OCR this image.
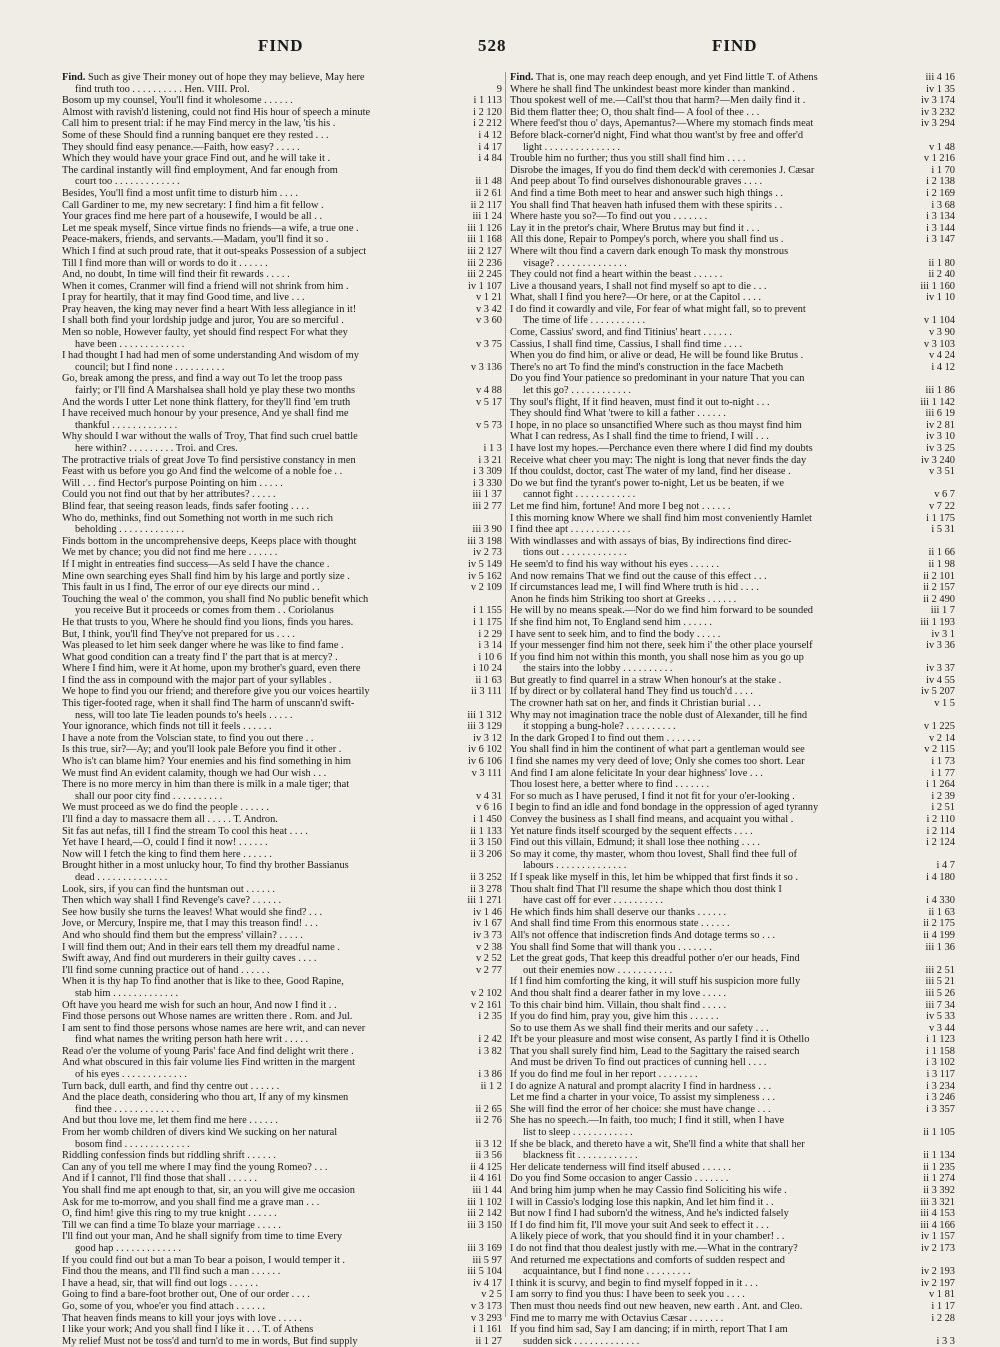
FIND	528	FIND
Find. Such as give Their money out of hope they may believe, May here
find truth too . . . . . . . . . . Hen. VIII. Prol.	9
Bosom up my counsel, You'll find it wholesome . . . . . .	i 1 113
Almost with ravish'd listening, could not find His hour of speech a minute	i 2 120
Call him to present trial: if he may Find mercy in the law, 'tis his .	i 2 212
Some of these Should find a running banquet ere they rested . . .	i 4 12
They should find easy penance.—Faith, how easy? . . . . .	i 4 17
Which they would have your grace Find out, and he will take it .	i 4 84
The cardinal instantly will find employment, And far enough from
court too . . . . . . . . . . . . .	ii 1 48
Besides, You'll find a most unfit time to disturb him . . . .	ii 2 61
Call Gardiner to me, my new secretary: I find him a fit fellow .	ii 2 117
Your graces find me here part of a housewife, I would be all . .	iii 1 24
Let me speak myself, Since virtue finds no friends—a wife, a true one .	iii 1 126
Peace-makers, friends, and servants.—Madam, you'll find it so .	iii 1 168
Which I find at such proud rate, that it out-speaks Possession of a subject	iii 2 127
Till I find more than will or words to do it . . . . . .	iii 2 236
And, no doubt, In time will find their fit rewards . . . . .	iii 2 245
When it comes, Cranmer will find a friend will not shrink from him .	iv 1 107
I pray for heartily, that it may find Good time, and live . . .	v 1 21
Pray heaven, the king may never find a heart With less allegiance in it!	v 3 42
I shall both find your lordship judge and juror, You are so merciful .	v 3 60
Men so noble, However faulty, yet should find respect For what they
have been . . . . . . . . . . . . .	v 3 75
I had thought I had had men of some understanding And wisdom of my
council; but I find none . . . . . . . . . .	v 3 136
Go, break among the press, and find a way out To let the troop pass
fairly; or I'll find A Marshalsea shall hold ye play these two months	v 4 88
And the words I utter Let none think flattery, for they'll find 'em truth	v 5 17
I have received much honour by your presence, And ye shall find me
thankful . . . . . . . . . . . . .	v 5 73
Why should I war without the walls of Troy, That find such cruel battle
here within? . . . . . . . . . Troi. and Cres.	i 1 3
The protractive trials of great Jove To find persistive constancy in men	i 3 21
Feast with us before you go And find the welcome of a noble foe . .	i 3 309
Will . . . find Hector's purpose Pointing on him . . . . .	i 3 330
Could you not find out that by her attributes? . . . . .	iii 1 37
Blind fear, that seeing reason leads, finds safer footing . . . .	iii 2 77
Who do, methinks, find out Something not worth in me such rich
beholding . . . . . . . . . . . . .	iii 3 90
Finds bottom in the uncomprehensive deeps, Keeps place with thought	iii 3 198
We met by chance; you did not find me here . . . . . .	iv 2 73
If I might in entreaties find success—As seld I have the chance .	iv 5 149
Mine own searching eyes Shall find him by his large and portly size .	iv 5 162
This fault in us I find, The error of our eye directs our mind . .	v 2 109
Touching the weal o' the common, you shall find No public benefit which
you receive But it proceeds or comes from them . . Coriolanus	i 1 155
He that trusts to you, Where he should find you lions, finds you hares.	i 1 175
But, I think, you'll find They've not prepared for us . . . .	i 2 29
Was pleased to let him seek danger where he was like to find fame .	i 3 14
What good condition can a treaty find I' the part that is at mercy? .	i 10 6
Where I find him, were it At home, upon my brother's guard, even there	i 10 24
I find the ass in compound with the major part of your syllables .	ii 1 63
We hope to find you our friend; and therefore give you our voices heartily	ii 3 111
This tiger-footed rage, when it shall find The harm of unscann'd swift-
ness, will too late Tie leaden pounds to's heels . . . . .	iii 1 312
Your ignorance, which finds not till it feels . . . . . .	iii 3 129
I have a note from the Volscian state, to find you out there . .	iv 3 12
Is this true, sir?—Ay; and you'll look pale Before you find it other .	iv 6 102
Who is't can blame him? Your enemies and his find something in him	iv 6 106
We must find An evident calamity, though we had Our wish . . .	v 3 111
There is no more mercy in him than there is milk in a male tiger; that
shall our poor city find . . . . . . . . . .	v 4 31
We must proceed as we do find the people . . . . . .	v 6 16
I'll find a day to massacre them all . . . . . T. Andron.	i 1 450
Sit fas aut nefas, till I find the stream To cool this heat . . . .	ii 1 133
Yet have I heard,—O, could I find it now! . . . . . .	ii 3 150
Now will I fetch the king to find them here . . . . . .	ii 3 206
Brought hither in a most unlucky hour, To find thy brother Bassianus
dead . . . . . . . . . . . . . .	ii 3 252
Look, sirs, if you can find the huntsman out . . . . . .	ii 3 278
Then which way shall I find Revenge's cave? . . . . . .	iii 1 271
See how busily she turns the leaves! What would she find? . . .	iv 1 46
Jove, or Mercury, Inspire me, that I may this treason find! . . .	iv 1 67
And who should find them but the empress' villain? . . . . .	iv 3 73
I will find them out; And in their ears tell them my dreadful name .	v 2 38
Swift away, And find out murderers in their guilty caves . . . .	v 2 52
I'll find some cunning practice out of hand . . . . . .	v 2 77
When it is thy hap To find another that is like to thee, Good Rapine,
stab him . . . . . . . . . . . . .	v 2 102
Oft have you heard me wish for such an hour, And now I find it . .	v 2 161
Find those persons out Whose names are written there . Rom. and Jul.	i 2 35
I am sent to find those persons whose names are here writ, and can never
find what names the writing person hath here writ . . . . .	i 2 42
Read o'er the volume of young Paris' face And find delight writ there .	i 3 82
And what obscured in this fair volume lies Find written in the margent
of his eyes . . . . . . . . . . . . .	i 3 86
Turn back, dull earth, and find thy centre out . . . . . .	ii 1 2
And the place death, considering who thou art, If any of my kinsmen
find thee . . . . . . . . . . . . .	ii 2 65
And but thou love me, let them find me here . . . . . .	ii 2 76
From her womb children of divers kind We sucking on her natural
bosom find . . . . . . . . . . . . .	ii 3 12
Riddling confession finds but riddling shrift . . . . . .	ii 3 56
Can any of you tell me where I may find the young Romeo? . . .	ii 4 125
And if I cannot, I'll find those that shall . . . . . .	ii 4 161
You shall find me apt enough to that, sir, an you will give me occasion	iii 1 44
Ask for me to-morrow, and you shall find me a grave man . . .	iii 1 102
O, find him! give this ring to my true knight . . . . . .	iii 2 142
Till we can find a time To blaze your marriage . . . . .	iii 3 150
I'll find out your man, And he shall signify from time to time Every
good hap . . . . . . . . . . . . .	iii 3 169
If you could find out but a man To bear a poison, I would temper it .	iii 5 97
Find thou the means, and I'll find such a man . . . . . .	iii 5 104
I have a head, sir, that will find out logs . . . . . .	iv 4 17
Going to find a bare-foot brother out, One of our order . . . .	v 2 5
Go, some of you, whoe'er you find attach . . . . . .	v 3 173
That heaven finds means to kill your joys with love . . . . .	v 3 293
I like your work; And you shall find I like it . . . T. of Athens	i 1 161
My relief Must not be toss'd and turn'd to me in words, But find supply	ii 1 27
Find. That is, one may reach deep enough, and yet Find little T. of Athens	iii 4 16
Where he shall find The unkindest beast more kinder than mankind .	iv 1 35
Thou spokest well of me.—Call'st thou that harm?—Men daily find it .	iv 3 174
Bid them flatter thee; O, thou shalt find— A fool of thee . . .	iv 3 232
Where feed'st thou o' days, Apemantus?—Where my stomach finds meat	iv 3 294
Before black-corner'd night, Find what thou want'st by free and offer'd
light . . . . . . . . . . . . . . .	v 1 48
Trouble him no further; thus you still shall find him . . . .	v 1 216
Disrobe the images, If you do find them deck'd with ceremonies J. Cæsar	i 1 70
And peep about To find ourselves dishonourable graves . . . .	i 2 138
And find a time Both meet to hear and answer such high things . .	i 2 169
You shall find That heaven hath infused them with these spirits . .	i 3 68
Where haste you so?—To find out you . . . . . . .	i 3 134
Lay it in the pretor's chair, Where Brutus may but find it . . .	i 3 144
All this done, Repair to Pompey's porch, where you shall find us .	i 3 147
Where wilt thou find a cavern dark enough To mask thy monstrous
visage? . . . . . . . . . . . . . .	ii 1 80
They could not find a heart within the beast . . . . . .	ii 2 40
Live a thousand years, I shall not find myself so apt to die . . .	iii 1 160
What, shall I find you here?—Or here, or at the Capitol . . . .	iv 1 10
I do find it cowardly and vile, For fear of what might fall, so to prevent
The time of life . . . . . . . . . . .	v 1 104
Come, Cassius' sword, and find Titinius' heart . . . . . .	v 3 90
Cassius, I shall find time, Cassius, I shall find time . . . .	v 3 103
When you do find him, or alive or dead, He will be found like Brutus .	v 4 24
There's no art To find the mind's construction in the face Macbeth	i 4 12
Do you find Your patience so predominant in your nature That you can
let this go? . . . . . . . . . . . .	iii 1 86
Thy soul's flight, If it find heaven, must find it out to-night . . .	iii 1 142
They should find What 'twere to kill a father . . . . . .	iii 6 19
I hope, in no place so unsanctified Where such as thou mayst find him	iv 2 81
What I can redress, As I shall find the time to friend, I will . . .	iv 3 10
I have lost my hopes.—Perchance even there where I did find my doubts	iv 3 25
Receive what cheer you may: The night is long that never finds the day	iv 3 240
If thou couldst, doctor, cast The water of my land, find her disease .	v 3 51
Do we but find the tyrant's power to-night, Let us be beaten, if we
cannot fight . . . . . . . . . . . .	v 6 7
Let me find him, fortune! And more I beg not . . . . . .	v 7 22
I this morning know Where we shall find him most conveniently Hamlet	i 1 175
I find thee apt . . . . . . . . . . . .	i 5 31
With windlasses and with assays of bias, By indirections find direc-
tions out . . . . . . . . . . . . .	ii 1 66
He seem'd to find his way without his eyes . . . . . .	ii 1 98
And now remains That we find out the cause of this effect . . .	ii 2 101
If circumstances lead me, I will find Where truth is hid . . . .	ii 2 157
Anon he finds him Striking too short at Greeks . . . . . .	ii 2 490
He will by no means speak.—Nor do we find him forward to be sounded	iii 1 7
If she find him not, To England send him . . . . . .	iii 1 193
I have sent to seek him, and to find the body . . . . .	iv 3 1
If your messenger find him not there, seek him i' the other place yourself	iv 3 36
If you find him not within this month, you shall nose him as you go up
the stairs into the lobby . . . . . . . . . .	iv 3 37
But greatly to find quarrel in a straw When honour's at the stake .	iv 4 55
If by direct or by collateral hand They find us touch'd . . . .	iv 5 207
The crowner hath sat on her, and finds it Christian burial . . .	v 1 5
Why may not imagination trace the noble dust of Alexander, till he find
it stopping a bung-hole? . . . . . . . . . .	v 1 225
In the dark Groped I to find out them . . . . . . .	v 2 14
You shall find in him the continent of what part a gentleman would see	v 2 115
I find she names my very deed of love; Only she comes too short. Lear	i 1 73
And find I am alone felicitate In your dear highness' love . . .	i 1 77
Thou losest here, a better where to find . . . . . . .	i 1 264
For so much as I have perused, I find it not fit for your o'er-looking .	i 2 39
I begin to find an idle and fond bondage in the oppression of aged tyranny	i 2 51
Convey the business as I shall find means, and acquaint you withal .	i 2 110
Yet nature finds itself scourged by the sequent effects . . . .	i 2 114
Find out this villain, Edmund; it shall lose thee nothing . . . .	i 2 124
So may it come, thy master, whom thou lovest, Shall find thee full of
labours . . . . . . . . . . . . . .	i 4 7
If I speak like myself in this, let him be whipped that first finds it so .	i 4 180
Thou shalt find That I'll resume the shape which thou dost think I
have cast off for ever . . . . . . . . . .	i 4 330
He which finds him shall deserve our thanks . . . . . .	ii 1 63
And shall find time From this enormous state . . . . . .	ii 2 175
All's not offence that indiscretion finds And dotage terms so . . .	ii 4 199
You shall find Some that will thank you . . . . . . .	iii 1 36
Let the great gods, That keep this dreadful pother o'er our heads, Find
out their enemies now . . . . . . . . . . .	iii 2 51
If I find him comforting the king, it will stuff his suspicion more fully	iii 5 21
And thou shalt find a dearer father in my love . . . . .	iii 5 26
To this chair bind him. Villain, thou shalt find . . . . .	iii 7 34
If you do find him, pray you, give him this . . . . . .	iv 5 33
So to use them As we shall find their merits and our safety . . .	v 3 44
If't be your pleasure and most wise consent, As partly I find it is Othello	i 1 123
That you shall surely find him, Lead to the Sagittary the raised search	i 1 158
And must be driven To find out practices of cunning hell . . . .	i 3 102
If you do find me foul in her report . . . . . . . .	i 3 117
I do agnize A natural and prompt alacrity I find in hardness . . .	i 3 234
Let me find a charter in your voice, To assist my simpleness . . .	i 3 246
She will find the error of her choice: she must have change . . .	i 3 357
She has no speech.—In faith, too much; I find it still, when I have
list to sleep . . . . . . . . . . . .	ii 1 105
If she be black, and thereto have a wit, She'll find a white that shall her
blackness fit . . . . . . . . . . . .	ii 1 134
Her delicate tenderness will find itself abused . . . . . .	ii 1 235
Do you find Some occasion to anger Cassio . . . . . . .	ii 1 274
And bring him jump when he may Cassio find Soliciting his wife .	ii 3 392
I will in Cassio's lodging lose this napkin, And let him find it . .	iii 3 321
But now I find I had suborn'd the witness, And he's indicted falsely	iii 4 153
If I do find him fit, I'll move your suit And seek to effect it . . .	iii 4 166
A likely piece of work, that you should find it in your chamber! . .	iv 1 157
I do not find that thou dealest justly with me.—What in the contrary?	iv 2 173
And returned me expectations and comforts of sudden respect and
acquaintance, but I find none . . . . . . . . .	iv 2 193
I think it is scurvy, and begin to find myself fopped in it . . .	iv 2 197
I am sorry to find you thus: I have been to seek you . . . .	v 1 81
Then must thou needs find out new heaven, new earth . Ant. and Cleo.	i 1 17
Find me to marry me with Octavius Cæsar . . . . . . .	i 2 28
If you find him sad, Say I am dancing; if in mirth, report That I am
sudden sick . . . . . . . . . . . . .	i 3 3
